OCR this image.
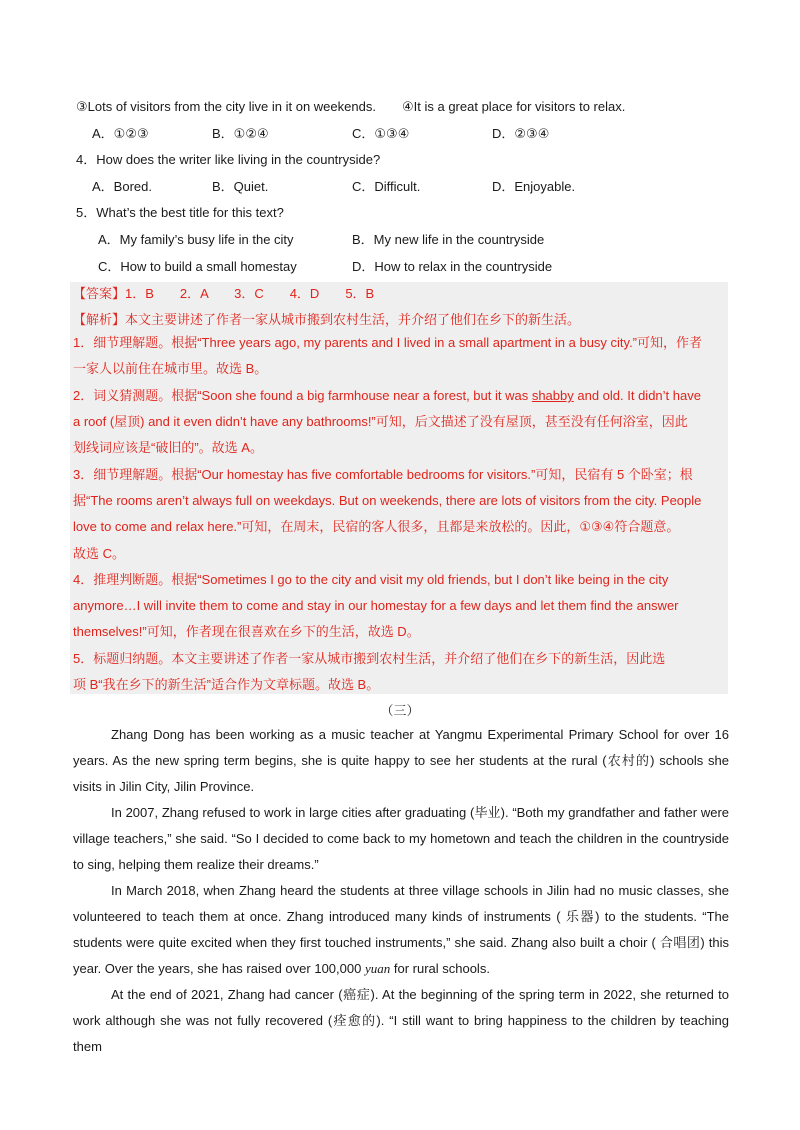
③Lots of visitors from the city live in it on weekends. ④It is a great place for visitors to relax.
A．①②③	B．①②④	C．①③④	D．②③④
4．How does the writer like living in the countryside?
A．Bored.	B．Quiet.	C．Difficult.	D．Enjoyable.
5．What’s the best title for this text?
A．My family’s busy life in the city	B．My new life in the countryside
C．How to build a small homestay	D．How to relax in the countryside
【答案】1．B　　2．A　　3．C　　4．D　　5．B
【解析】本文主要讲述了作者一家从城市搬到农村生活，并介绍了他们在乡下的新生活。
1．细节理解题。根据“Three years ago, my parents and I lived in a small apartment in a busy city.”可知，作者
一家人以前住在城市里。故选 B。
2．词义猜测题。根据“Soon she found a big farmhouse near a forest, but it was shabby and old. It didn’t have
a roof (屋顶) and it even didn’t have any bathrooms!”可知，后文描述了没有屋顶，甚至没有任何浴室，因此
划线词应该是“破旧的”。故选 A。
3．细节理解题。根据“Our homestay has five comfortable bedrooms for visitors.”可知，民宿有 5 个卧室；根
据“The rooms aren’t always full on weekdays. But on weekends, there are lots of visitors from the city. People
love to come and relax here.”可知，在周末，民宿的客人很多，且都是来放松的。因此，①③④符合题意。
故选 C。
4．推理判断题。根据“Sometimes I go to the city and visit my old friends, but I don’t like being in the city
anymore…I will invite them to come and stay in our homestay for a few days and let them find the answer
themselves!”可知，作者现在很喜欢在乡下的生活，故选 D。
5．标题归纳题。本文主要讲述了作者一家从城市搬到农村生活，并介绍了他们在乡下的新生活，因此选
项 B“我在乡下的新生活”适合作为文章标题。故选 B。
（三）
Zhang Dong has been working as a music teacher at Yangmu Experimental Primary School for over 16 years. As the new spring term begins, she is quite happy to see her students at the rural (农村的) schools she visits in Jilin City, Jilin Province.
In 2007, Zhang refused to work in large cities after graduating (毕业). “Both my grandfather and father were village teachers,” she said. “So I decided to come back to my hometown and teach the children in the countryside to sing, helping them realize their dreams.”
In March 2018, when Zhang heard the students at three village schools in Jilin had no music classes, she volunteered to teach them at once. Zhang introduced many kinds of instruments ( 乐器) to the students. “The students were quite excited when they first touched instruments,” she said. Zhang also built a choir ( 合唱团) this year. Over the years, she has raised over 100,000 yuan for rural schools.
At the end of 2021, Zhang had cancer (癌症). At the beginning of the spring term in 2022, she returned to work although she was not fully recovered (痊愈的). “I still want to bring happiness to the children by teaching them
